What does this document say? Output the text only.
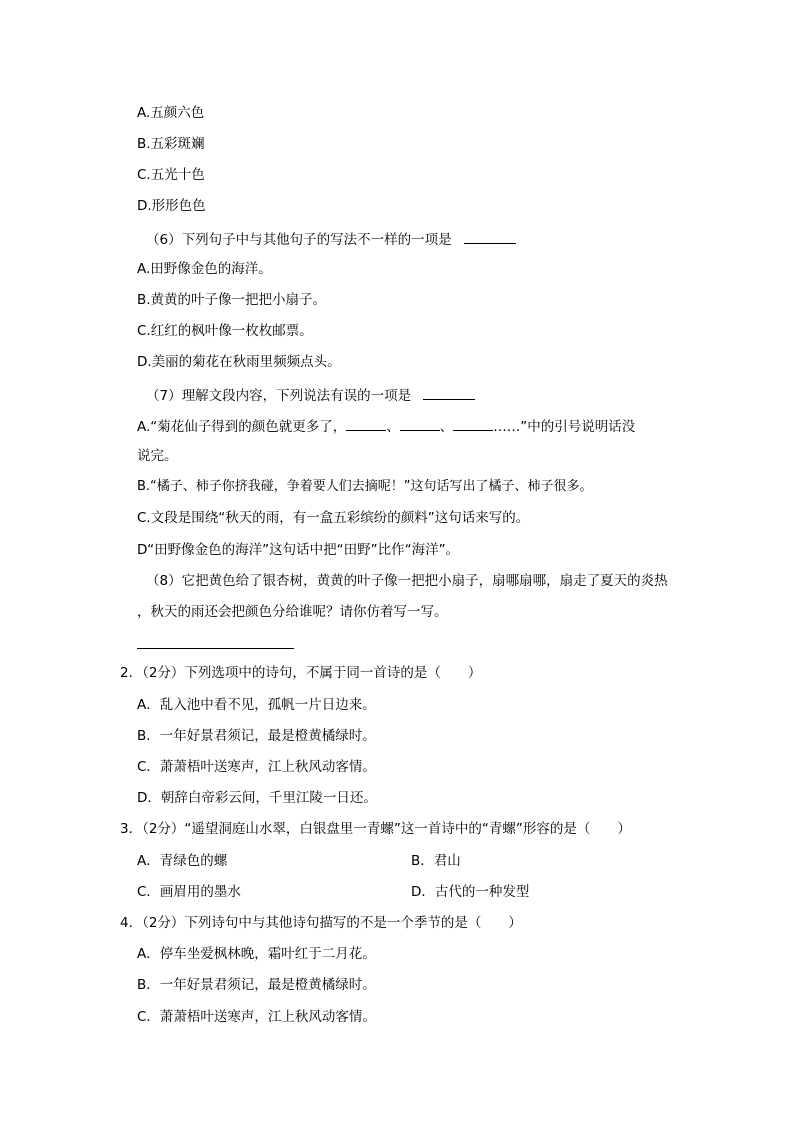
A.五颜六色
B.五彩斑斓
C.五光十色
D.形形色色
（6）下列句子中与其他句子的写法不一样的一项是
A.田野像金色的海洋。
B.黄黄的叶子像一把把小扇子。
C.红红的枫叶像一枚枚邮票。
D.美丽的菊花在秋雨里频频点头。
（7）理解文段内容，下列说法有误的一项是
A.“菊花仙子得到的颜色就更多了，	、	、	……”中的引号说明话没
说完。
B.“橘子、柿子你挤我碰，争着要人们去摘呢！”这句话写出了橘子、柿子很多。
C.文段是围绕“秋天的雨，有一盒五彩缤纷的颜料”这句话来写的。
D“田野像金色的海洋”这句话中把“田野”比作“海洋”。
（8）它把黄色给了银杏树，黄黄的叶子像一把把小扇子，扇哪扇哪，扇走了夏天的炎热
，秋天的雨还会把颜色分给谁呢？请你仿着写一写。
2．（2分）下列选项中的诗句，不属于同一首诗的是（　　）
A．乱入池中看不见，孤帆一片日边来。
B．一年好景君须记，最是橙黄橘绿时。
C．萧萧梧叶送寒声，江上秋风动客情。
D．朝辞白帝彩云间，千里江陵一日还。
3．（2分）“遥望洞庭山水翠，白银盘里一青螺”这一首诗中的“青螺”形容的是（　　）
A．青绿色的螺	B．君山
C．画眉用的墨水	D．古代的一种发型
4．（2分）下列诗句中与其他诗句描写的不是一个季节的是（　　）
A．停车坐爱枫林晚，霜叶红于二月花。
B．一年好景君须记，最是橙黄橘绿时。
C．萧萧梧叶送寒声，江上秋风动客情。
